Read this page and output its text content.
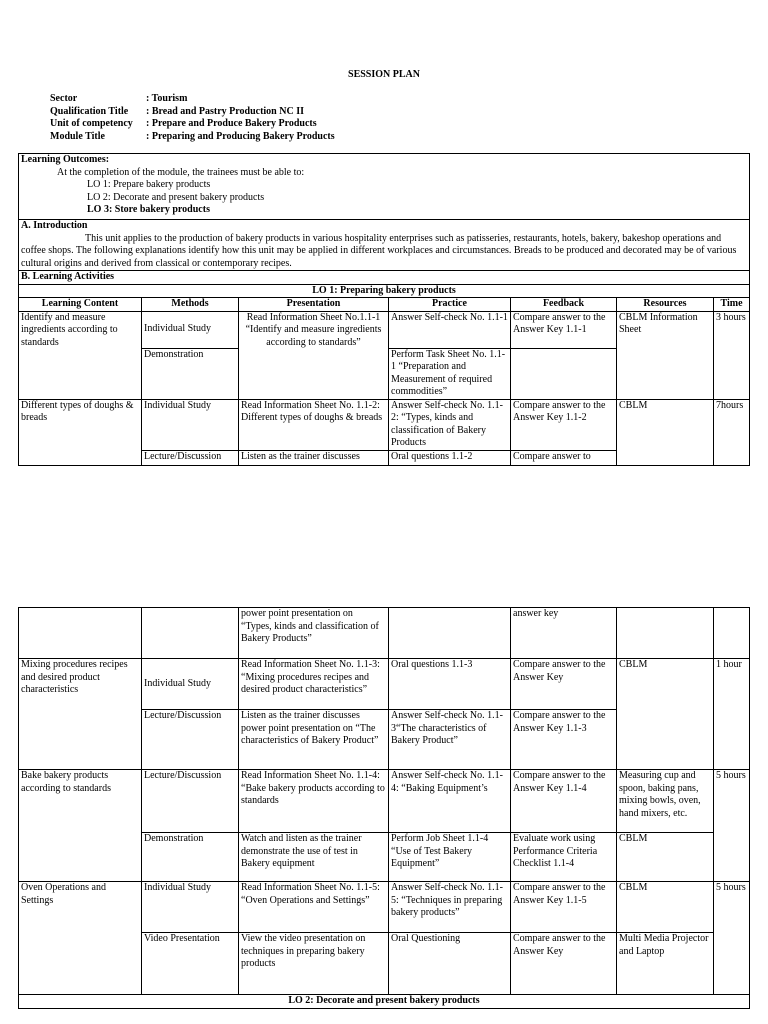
SESSION PLAN
Sector	: Tourism
Qualification Title	: Bread and Pastry Production NC II
Unit of competency	: Prepare and Produce Bakery Products
Module Title	: Preparing and Producing Bakery Products
Learning Outcomes:
At the completion of the module, the trainees must be able to:
LO 1: Prepare bakery products
LO 2: Decorate and present bakery products
LO 3: Store bakery products						

A. Introduction
This unit applies to the production of bakery products in various hospitality enterprises such as patisseries, restaurants, hotels, bakery, bakeshop operations and coffee shops. The following explanations identify how this unit may be applied in different workplaces and circumstances. Breads to be produced and decorated may be of various cultural origins and derived from classical or contemporary recipes.						

B. Learning Activities						
LO 1: Preparing bakery products						
Learning Content	Methods	Presentation	Practice	Feedback	Resources	Time
Identify and measure ingredients according to standards	Individual Study	Read Information Sheet No.1.1-1 “Identify and measure ingredients according to standards”	Answer Self-check No. 1.1-1	Compare answer to the Answer Key 1.1-1	CBLM Information Sheet	3 hours
	Demonstration		Perform Task Sheet No. 1.1-1 “Preparation and Measurement of required commodities”			
Different types of doughs & breads	Individual Study	Read Information Sheet No. 1.1-2: Different types of doughs & breads	Answer Self-check No. 1.1-2: “Types, kinds and classification of Bakery Products	Compare answer to the Answer Key 1.1-2	CBLM	7hours
	Lecture/Discussion	Listen as the trainer discusses	Oral questions 1.1-2	Compare answer to		
		power point presentation on “Types, kinds and classification of Bakery Products”		answer key		
Mixing procedures recipes and desired product characteristics	Individual Study	Read Information Sheet No. 1.1-3: “Mixing procedures recipes and desired product characteristics”	Oral questions 1.1-3	Compare answer to the Answer Key	CBLM	1 hour
	Lecture/Discussion	Listen as the trainer discusses power point presentation on “The characteristics of Bakery Product”	Answer Self-check No. 1.1-3“The characteristics of Bakery Product”	Compare answer to the Answer Key 1.1-3		
Bake bakery products according to standards	Lecture/Discussion	Read Information Sheet No. 1.1-4: “Bake bakery products according to standards	Answer Self-check No. 1.1-4: “Baking Equipment’s	Compare answer to the Answer Key 1.1-4	Measuring cup and spoon, baking pans, mixing bowls, oven, hand mixers, etc.	5 hours
	Demonstration	Watch and listen as the trainer demonstrate the use of test in Bakery equipment	Perform Job Sheet 1.1-4 “Use of Test Bakery Equipment”	Evaluate work using Performance Criteria Checklist 1.1-4	CBLM	
Oven Operations and Settings	Individual Study	Read Information Sheet No. 1.1-5: “Oven Operations and Settings”	Answer Self-check No. 1.1-5: “Techniques in preparing bakery products”	Compare answer to the Answer Key 1.1-5	CBLM	5 hours
	Video Presentation	View the video presentation on techniques in preparing bakery products	Oral Questioning	Compare answer to the Answer Key	Multi Media Projector and Laptop	
LO 2: Decorate and present bakery products						
